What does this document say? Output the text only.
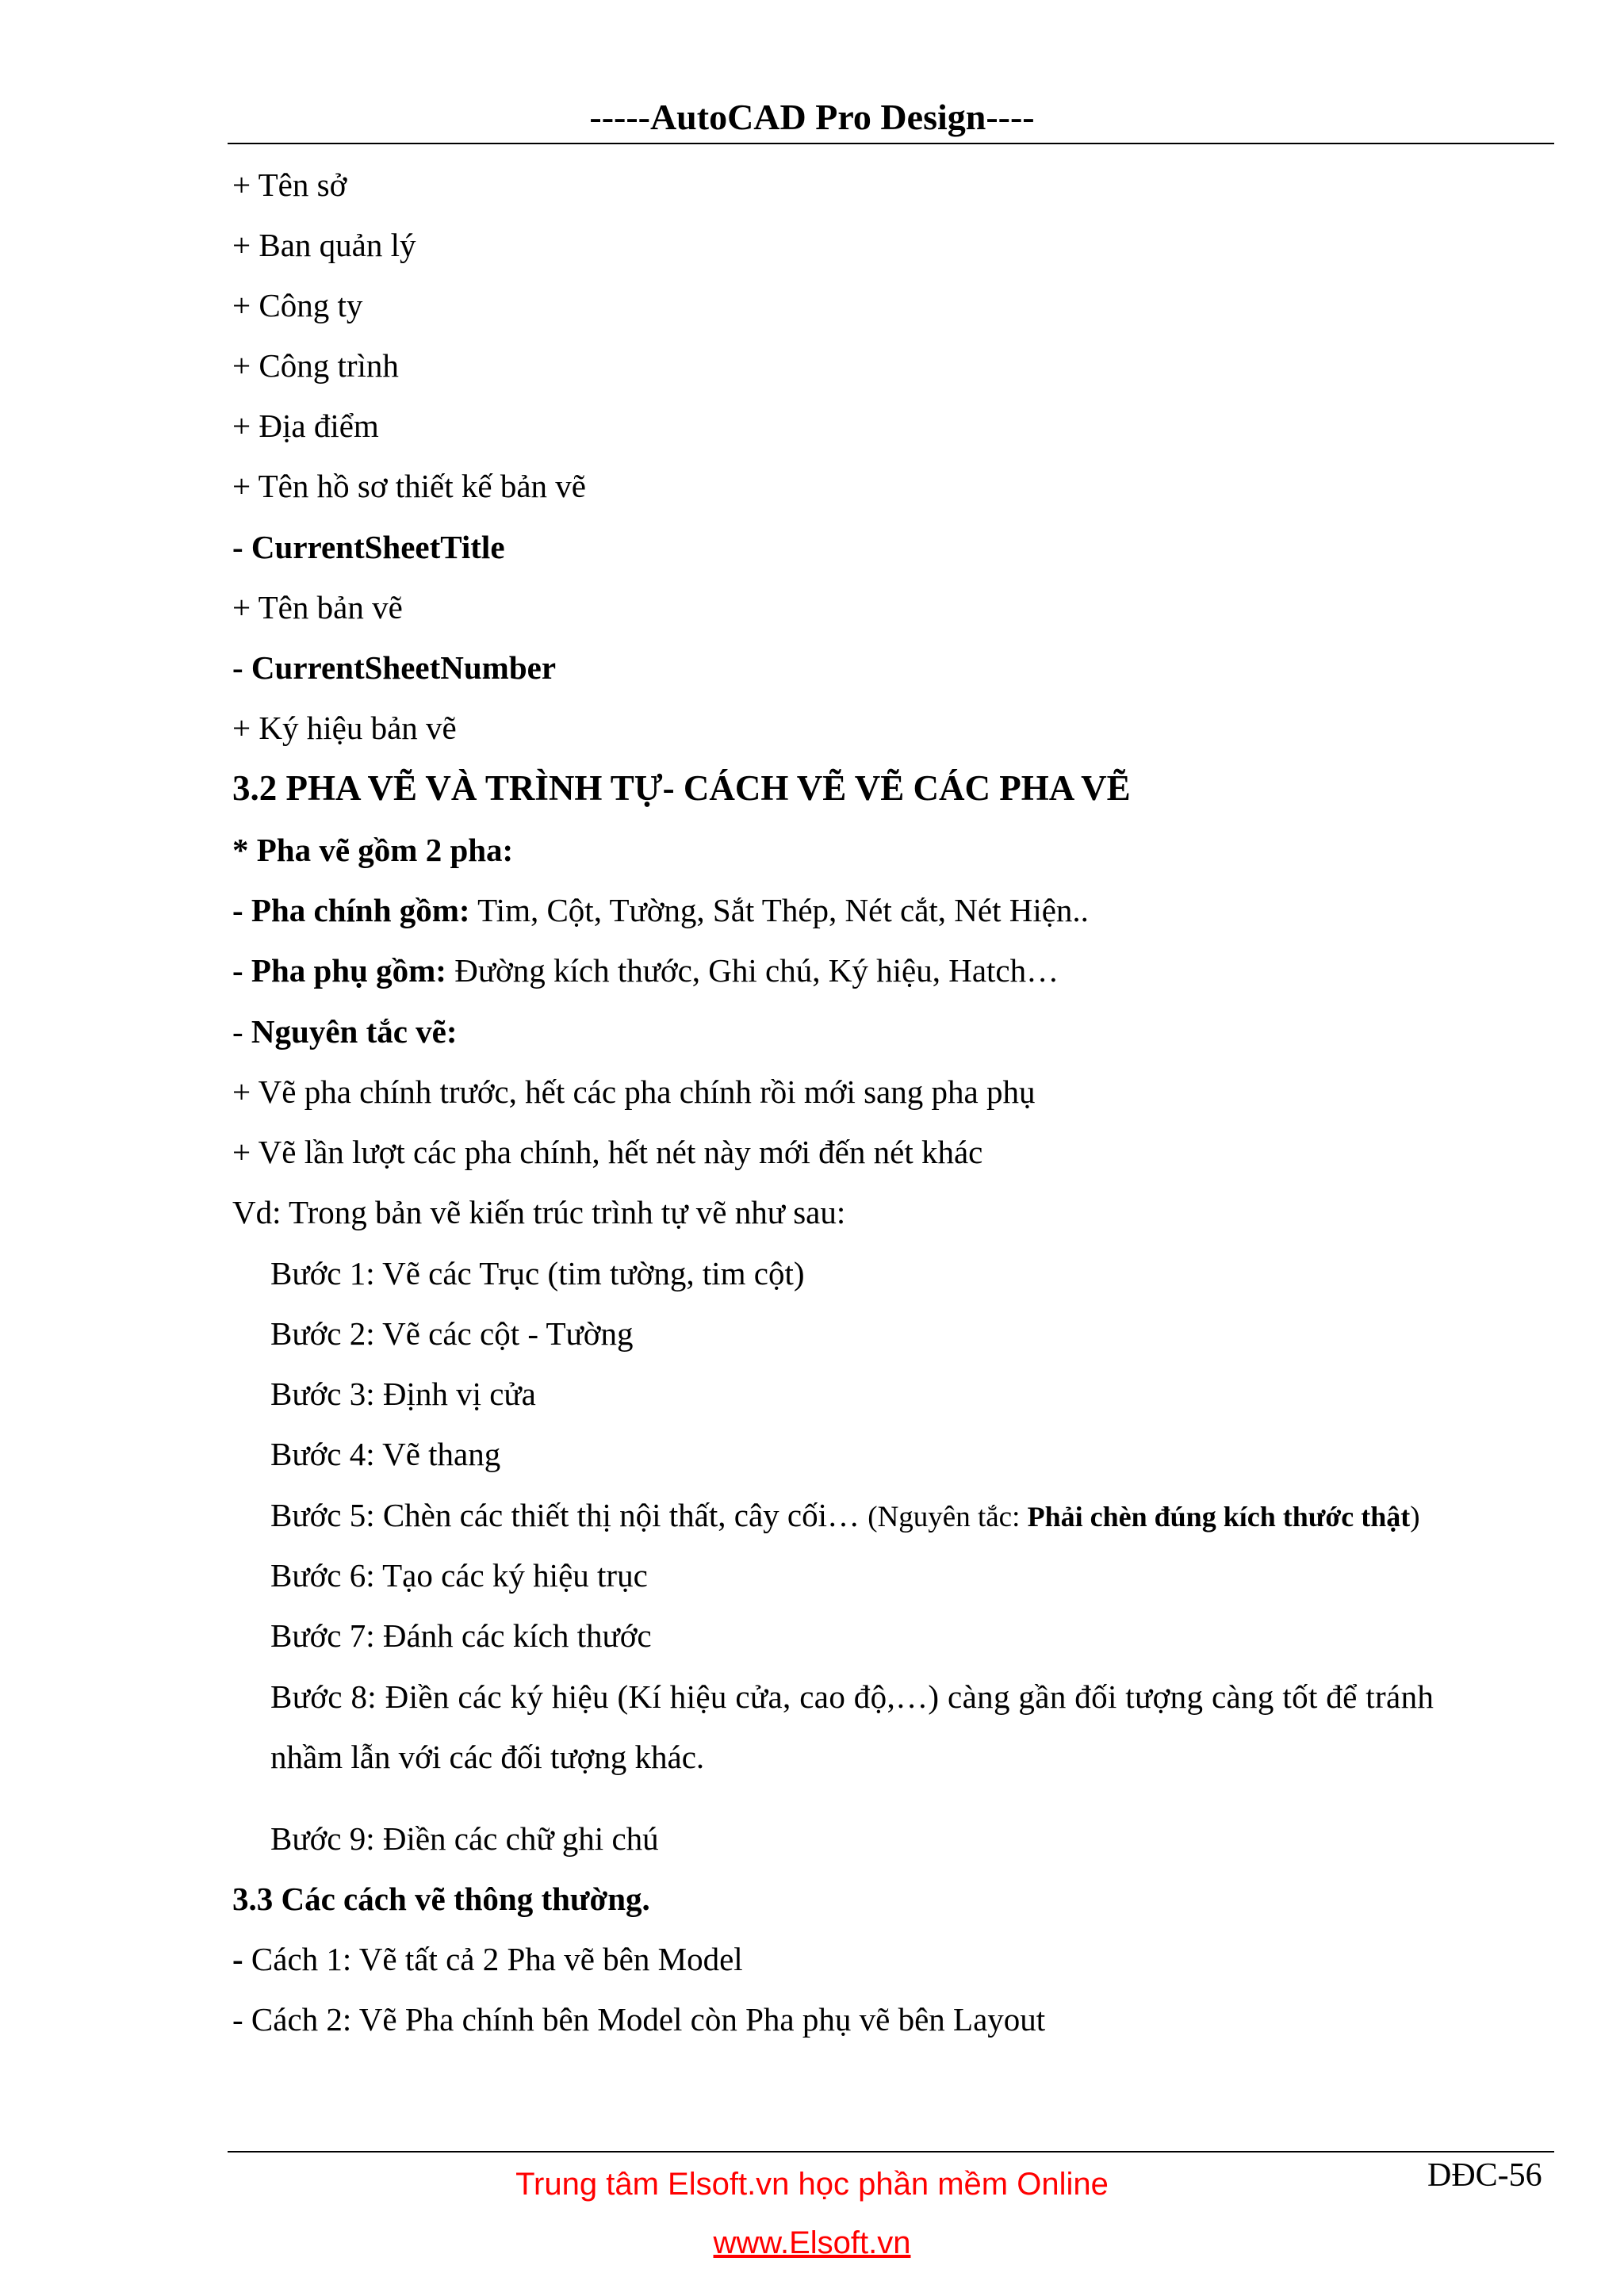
-----AutoCAD Pro Design----
+ Tên sở
+ Ban quản lý
+ Công ty
+ Công trình
+ Địa điểm
+ Tên hồ sơ thiết kế bản vẽ
- CurrentSheetTitle
+ Tên bản vẽ
- CurrentSheetNumber
+ Ký hiệu bản vẽ
3.2 PHA VẼ VÀ TRÌNH TỰ- CÁCH VẼ VẼ CÁC PHA VẼ
* Pha vẽ gồm 2 pha:
- Pha chính gồm: Tim, Cột, Tường, Sắt Thép, Nét cắt, Nét Hiện..
- Pha phụ gồm: Đường kích thước, Ghi chú, Ký hiệu, Hatch…
- Nguyên tắc vẽ:
+ Vẽ pha chính trước, hết các pha chính rồi mới sang pha phụ
+ Vẽ lần lượt các pha chính, hết nét này mới đến nét khác
Vd: Trong bản vẽ kiến trúc trình tự vẽ như sau:
Bước 1: Vẽ các Trục (tim tường, tim cột)
Bước 2: Vẽ các cột - Tường
Bước 3: Định vị cửa
Bước 4: Vẽ thang
Bước 5: Chèn các thiết thị nội thất, cây cối… (Nguyên tắc: Phải chèn đúng kích thước thật)
Bước 6: Tạo các ký hiệu trục
Bước 7: Đánh các kích thước
Bước 8: Điền các ký hiệu (Kí hiệu cửa, cao độ,…) càng gần đối tượng càng tốt để tránh
nhầm lẫn với các đối tượng khác.
Bước 9: Điền các chữ ghi chú
3.3 Các cách vẽ thông thường.
- Cách 1: Vẽ tất cả 2 Pha vẽ bên Model
- Cách 2: Vẽ Pha chính bên Model còn Pha phụ vẽ bên Layout
Trung tâm Elsoft.vn học phần mềm Online
www.Elsoft.vn
DĐC-56
